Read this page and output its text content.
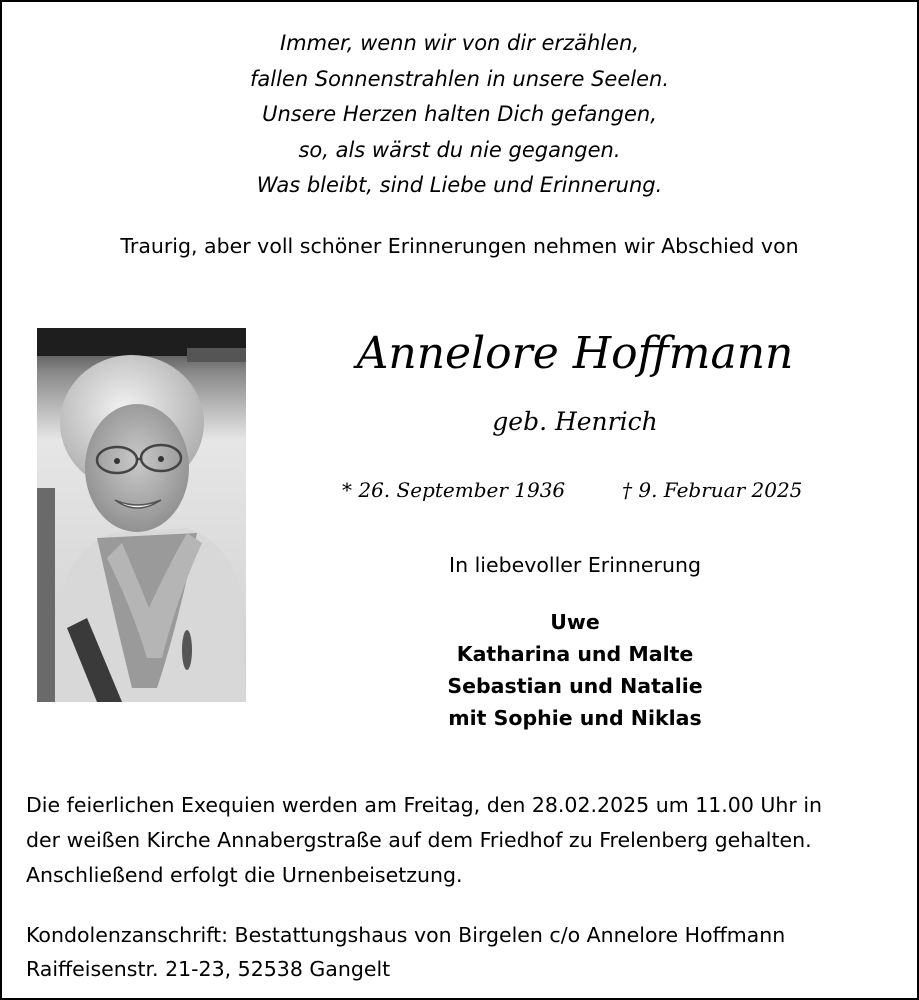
Immer, wenn wir von dir erzählen,
fallen Sonnenstrahlen in unsere Seelen.
Unsere Herzen halten Dich gefangen,
so, als wärst du nie gegangen.
Was bleibt, sind Liebe und Erinnerung.
Traurig, aber voll schöner Erinnerungen nehmen wir Abschied von
Annelore Hoffmann
geb. Henrich
* 26. September 1936	† 9. Februar 2025
In liebevoller Erinnerung
Uwe
Katharina und Malte
Sebastian und Natalie
mit Sophie und Niklas
Die feierlichen Exequien werden am Freitag, den 28.02.2025 um 11.00 Uhr in
der weißen Kirche Annabergstraße auf dem Friedhof zu Frelenberg gehalten.
Anschließend erfolgt die Urnenbeisetzung.
Kondolenzanschrift: Bestattungshaus von Birgelen c/o Annelore Hoffmann
Raiffeisenstr. 21-23, 52538 Gangelt
